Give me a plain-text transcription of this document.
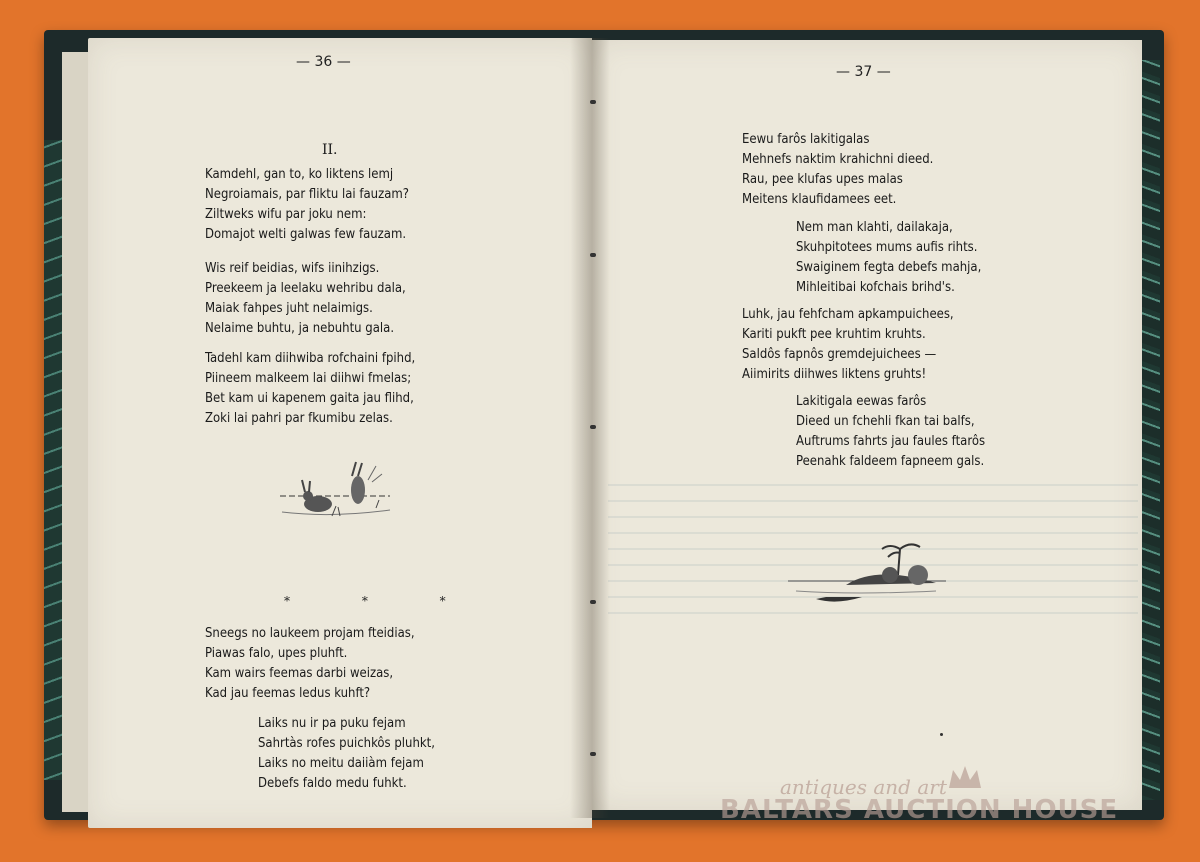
— 36 —
II.
Kamdehl, gan to, ko liktens lemj
Negroiamais, par fliktu lai fauzam?
Ziltweks wifu par joku nem:
Domajot welti galwas few fauzam.
Wis reif beidias, wifs iinihzigs.
Preekeem ja leelaku wehribu dala,
Maiak fahpes juht nelaimigs.
Nelaime buhtu, ja nebuhtu gala.
Tadehl kam diihwiba rofchaini fpihd,
Piineem malkeem lai diihwi fmelas;
Bet kam ui kapenem gaita jau flihd,
Zoki lai pahri par fkumibu zelas.
* * *
Sneegs no laukeem projam fteidias,
Piawas falo, upes pluhft.
Kam wairs feemas darbi weizas,
Kad jau feemas ledus kuhft?
Laiks nu ir pa puku fejam
Sahrtàs rofes puichkôs pluhkt,
Laiks no meitu daiiàm fejam
Debefs faldo medu fuhkt.
— 37 —
Eewu farôs lakitigalas
Mehnefs naktim krahichni dieed.
Rau, pee klufas upes malas
Meitens klaufidamees eet.
Nem man klahti, dailakaja,
Skuhpitotees mums aufis rihts.
Swaiginem fegta debefs mahja,
Mihleitibai kofchais brihd's.
Luhk, jau fehfcham apkampuichees,
Kariti pukft pee kruhtim kruhts.
Saldôs fapnôs gremdejuichees —
Aiimirits diihwes liktens gruhts!
Lakitigala eewas farôs
Dieed un fchehli fkan tai balfs,
Auftrums fahrts jau faules ftarôs
Peenahk faldeem fapneem gals.
antiques and art
BALTARS AUCTION HOUSE
